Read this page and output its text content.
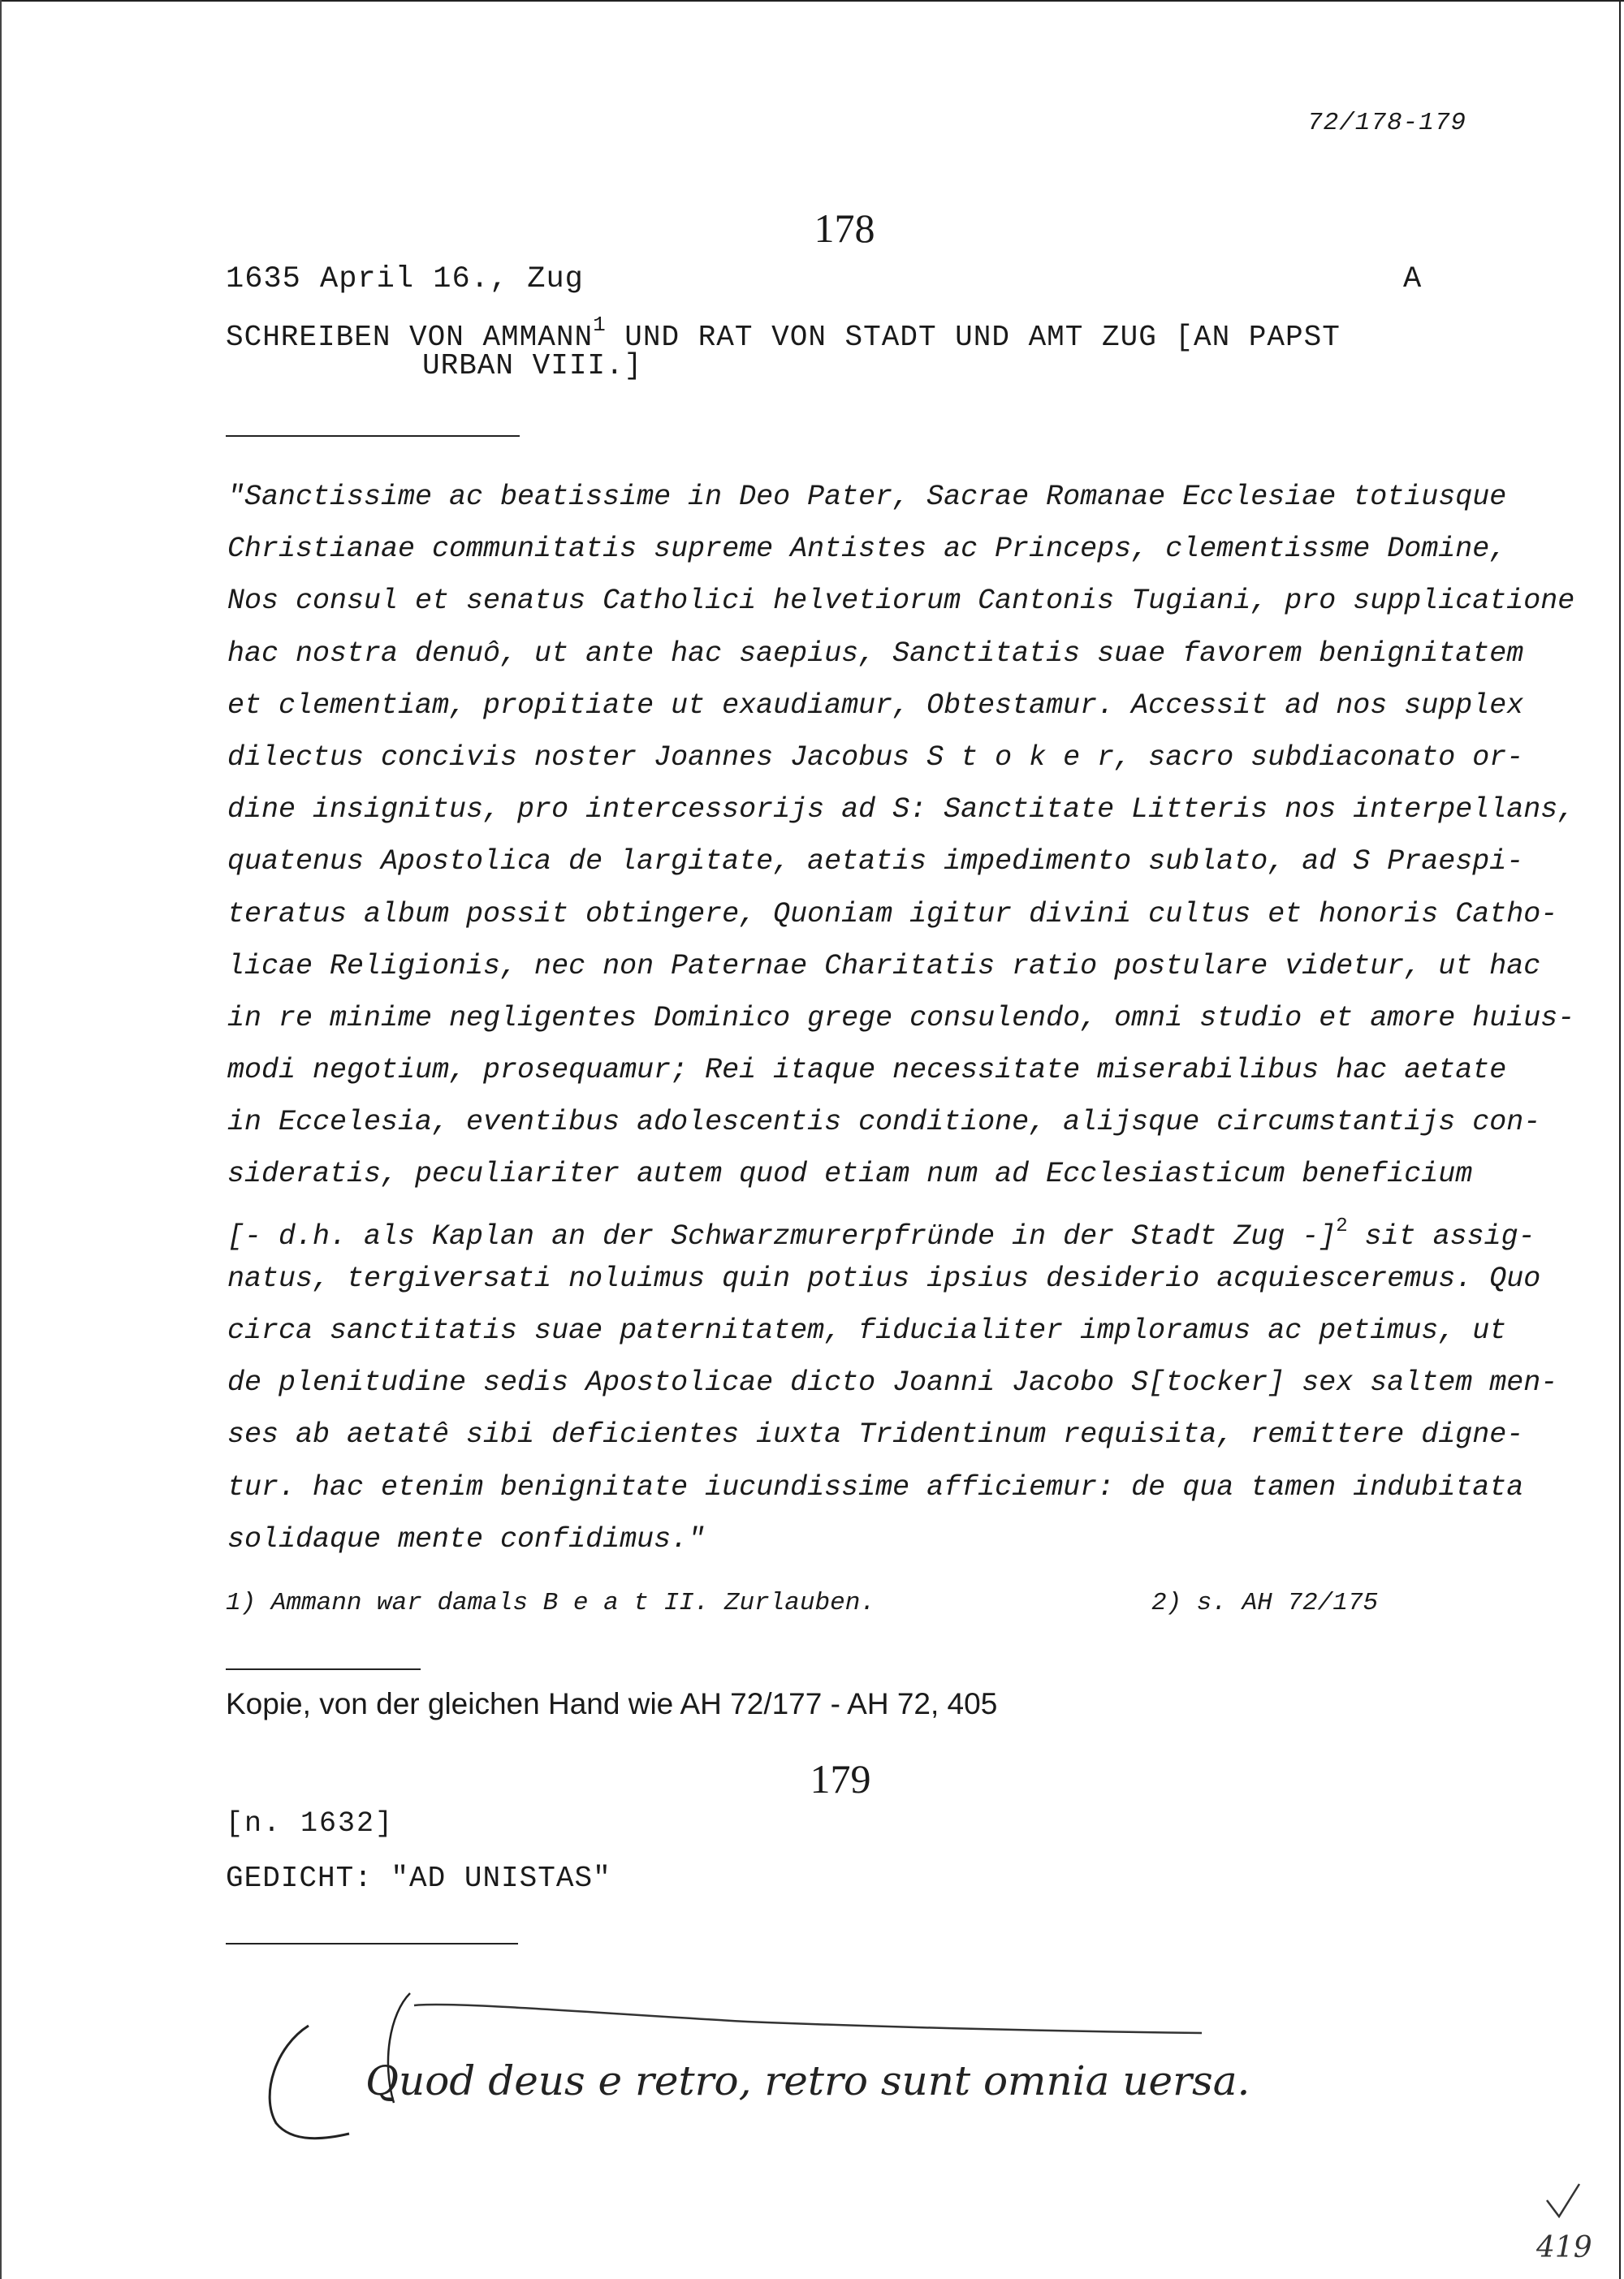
72/178-179
178
1635 April 16., Zug	A
SCHREIBEN VON AMMANN$^1$ UND RAT VON STADT UND AMT ZUG [AN PAPST
URBAN VIII.]
"Sanctissime ac beatissime in Deo Pater, Sacrae Romanae Ecclesiae totiusque
Christianae communitatis supreme Antistes ac Princeps, clementissme Domine,
Nos consul et senatus Catholici helvetiorum Cantonis Tugiani, pro supplicatione
hac nostra denuô, ut ante hac saepius, Sanctitatis suae favorem benignitatem
et clementiam, propitiate ut exaudiamur, Obtestamur. Accessit ad nos supplex
dilectus concivis noster Joannes Jacobus S t o k e r, sacro subdiaconato or-
dine insignitus, pro intercessorijs ad S: Sanctitate Litteris nos interpellans,
quatenus Apostolica de largitate, aetatis impedimento sublato, ad S Praespi-
teratus album possit obtingere, Quoniam igitur divini cultus et honoris Catho-
licae Religionis, nec non Paternae Charitatis ratio postulare videtur, ut hac
in re minime negligentes Dominico grege consulendo, omni studio et amore huius-
modi negotium, prosequamur; Rei itaque necessitate miserabilibus hac aetate
in Eccelesia, eventibus adolescentis conditione, alijsque circumstantijs con-
sideratis, peculiariter autem quod etiam num ad Ecclesiasticum beneficium
[- d.h. als Kaplan an der Schwarzmurerpfründe in der Stadt Zug -]$^2$ sit assig-
natus, tergiversati noluimus quin potius ipsius desiderio acquiesceremus. Quo
circa sanctitatis suae paternitatem, fiducialiter imploramus ac petimus, ut
de plenitudine sedis Apostolicae dicto Joanni Jacobo S[tocker] sex saltem men-
ses ab aetatê sibi deficientes iuxta Tridentinum requisita, remittere digne-
tur. hac etenim benignitate iucundissime afficiemur: de qua tamen indubitata
solidaque mente confidimus."
1) Ammann war damals B e a t II. Zurlauben.	2) s. AH 72/175
Kopie, von der gleichen Hand wie AH 72/177 - AH 72, 405
179
[n. 1632]
GEDICHT: "AD UNISTAS"
Quod deus e retro, retro sunt omnia uersa.
419
